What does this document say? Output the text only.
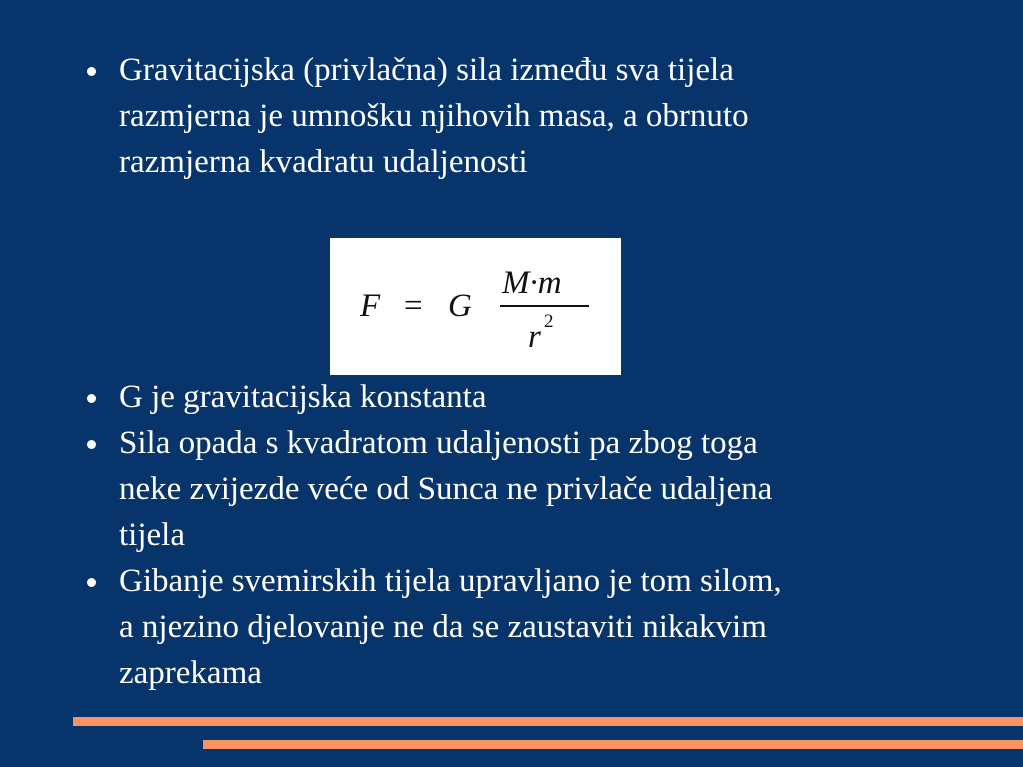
Gravitacijska (privlačna) sila između sva tijela
razmjerna je umnošku njihovih masa, a obrnuto
razmjerna kvadratu udaljenosti
F = G
M·m
r 2
G je gravitacijska konstanta
Sila opada s kvadratom udaljenosti pa zbog toga
neke zvijezde veće od Sunca ne privlače udaljena
tijela
Gibanje svemirskih tijela upravljano je tom silom,
a njezino djelovanje ne da se zaustaviti nikakvim
zaprekama
